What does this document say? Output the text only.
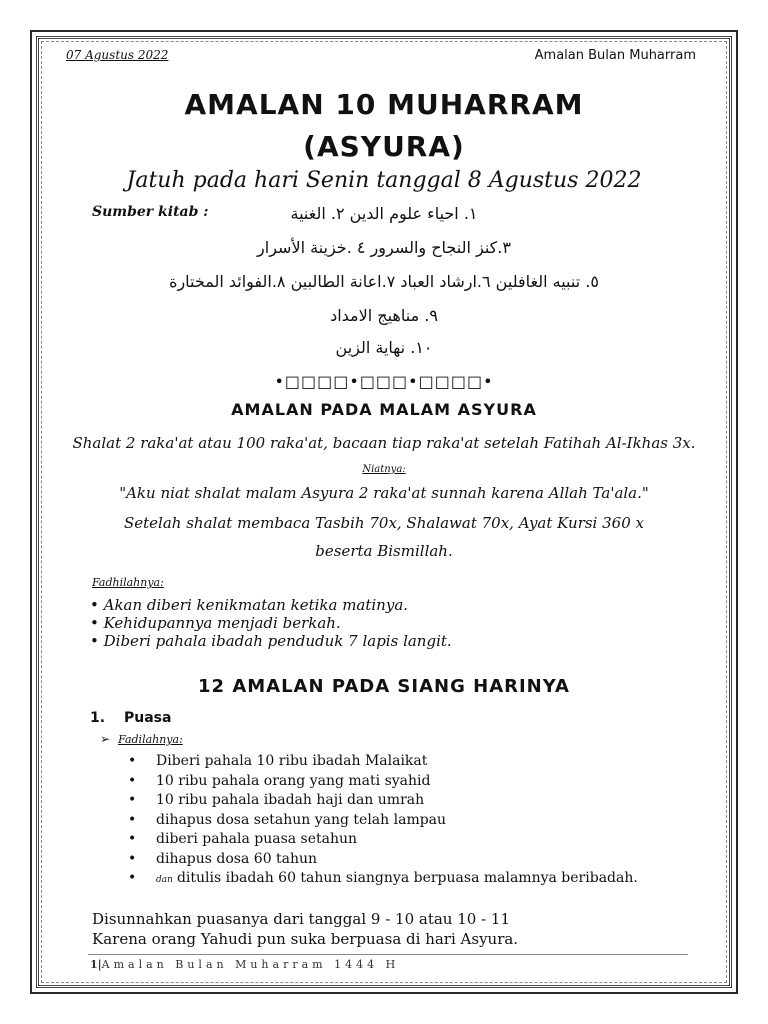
07 Agustus 2022	Amalan Bulan Muharram
AMALAN 10 MUHARRAM
(ASYURA)
Jatuh pada hari Senin tanggal 8 Agustus 2022
Sumber kitab :	١. احياء علوم الدين ٢. الغنية
٣.كنز النجاح والسرور ٤ .خزينة الأسرار
٥. تنبيه الغافلين ٦.ارشاد العباد ٧.اعانة الطالبين ٨.الفوائد المختارة
٩. مناهيج الامداد
١٠. نهاية الزين
•□□□□•□□□•□□□□•
AMALAN PADA MALAM ASYURA
Shalat 2 raka'at atau 100 raka'at, bacaan tiap raka'at setelah Fatihah Al-Ikhas 3x.
Niatnya:
"Aku niat shalat malam Asyura 2 raka'at sunnah karena Allah Ta'ala."
Setelah shalat membaca Tasbih 70x, Shalawat 70x, Ayat Kursi 360 x
beserta Bismillah.
Fadhilahnya:
• Akan diberi kenikmatan ketika matinya.
• Kehidupannya menjadi berkah.
• Diberi pahala ibadah penduduk 7 lapis langit.
12 AMALAN PADA SIANG HARINYA
1. Puasa
➢ Fadilahnya:
• Diberi pahala 10 ribu ibadah Malaikat
• 10 ribu pahala orang yang mati syahid
• 10 ribu pahala ibadah haji dan umrah
• dihapus dosa setahun yang telah lampau
• diberi pahala puasa setahun
• dihapus dosa 60 tahun
• dan ditulis ibadah 60 tahun siangnya berpuasa malamnya beribadah.
Disunnahkan puasanya dari tanggal 9 - 10 atau 10 - 11
Karena orang Yahudi pun suka berpuasa di hari Asyura.
1|Amalan Bulan Muharram 1444 H
